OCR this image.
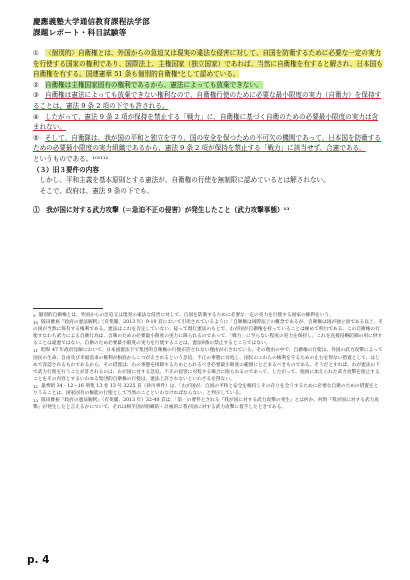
慶應義塾大学通信教育課程法学部
課題レポート・科目試験等

① 〈個別的〉自衛権とは、外国からの急迫又は現実の違法な侵害に対して、自国を防衛するために必要な一定の実力を行使する国家の権利であり、国際法上、主権国家（独立国家）であれば、当然に自衛権を有すると解され、日本国も自衛権を有する。国連憲章 51 条も個別的自衛権⁹として認めている。

② 自衛権は主権国家固有の権利であるから、憲法によっても放棄できない。

③ 自衛権は憲法によっても放棄できない権利なので、自衛権行使のために必要な最小限度の実力（自衛力）を保持することは、憲法 9 条 2 項の下でも許される。

④ したがって、憲法 9 条 2 項が保持を禁止する「戦力」に、自衛権に基づく自衛のための必要最小限度の実力は含まれない。

⑤ そして、自衛隊は、我が国の平和と独立を守り、国の安全を保つための不可欠の機関であって、日本国を防衛するための必要最小限度の実力組織であるから、憲法 9 条 2 項が保持を禁止する「戦力」に該当せず、合憲である。

というものである。¹⁰¹¹¹²

（３）旧３要件の内容

しかし、平和主義を基本原則とする憲法が、自衛権の行使を無制限に認めているとは解されない。

そこで、政府は、憲法 9 条の下でも、

①　我が国に対する武力攻撃（＝急迫不正の侵害）が発生したこと（武力攻撃事態）¹³

9 個別的自衛権とは、外国からの急迫又は現実の違法な侵害に対して、自国を防衛するために必要な一定の実力を行使する国家の権利をいう。

10 阪田雅裕『政府の憲法解釈』（有斐閣、2013 年）9-10 頁において引用されているように「自衛権は国際法上の概念であるが、自衛権は国が独立国である以上、その国が当然に保有する権利である。憲法はこれを否定していない。従って現行憲法のもとで、わが国が自衛権を持っていることは極めて明白である。この自衛権の行使すなわち武力による自衛行為は、自衛のための必要最小限度の実力に限られるのであって、「戦力」に至らない程度の実力を保持し、これを直接侵略防御の用に供することは違憲ではない。自衛のため必要最小限度の実力を行使することは、憲法9条の禁止するところではない。

11 昭和 47 年政府見解において、日本国憲法下で集団的自衛権の行使が許されない理由が示されている。その理由の中で、自衛権の行使は、外国の武力攻撃によって国民の生命、自由及び幸福追求の権利が根底からくつがえされるという急迫、不正の事態に対処し、国民のこれらの権利を守るための止むを得ない措置として、はじめて容認されるものであるから、その措置は、右の事態を排除するためとられるべき必要最小限度の範囲にとどまるべきものである。そうだとすれば、わが憲法の下で武力行使を行うことが許されるのは、わが国に対する急迫、不正の侵害に対処する場合に限られるのであって、したがって、他国に加えられた武力攻撃を阻止することをその内容とするいわゆる集団的自衛権の行使は、憲法上許されないといわざるを得ない。

12 最判昭 34・12・16 刑集 13 巻 13 号 3225 頁（砂川事件）は、「わが国が、自国の平和と安全を維持しその存立を全うするために必要な自衛のための措置をとりうることは、国家固有の権能の行使として当然のことといわなければならない」と判示している。

13 阪田雅裕『政府の憲法解釈』（有斐閣、2013 年）32-40 頁は、「第一の要件とされる『我が国に対する武力攻撃の発生』とは何か。何時『我が国に対する武力攻撃』が発生したと言えるかについて、それは相手国が組織的・計画的に我が国に対する武力攻撃に着手したときである。

p. 4
